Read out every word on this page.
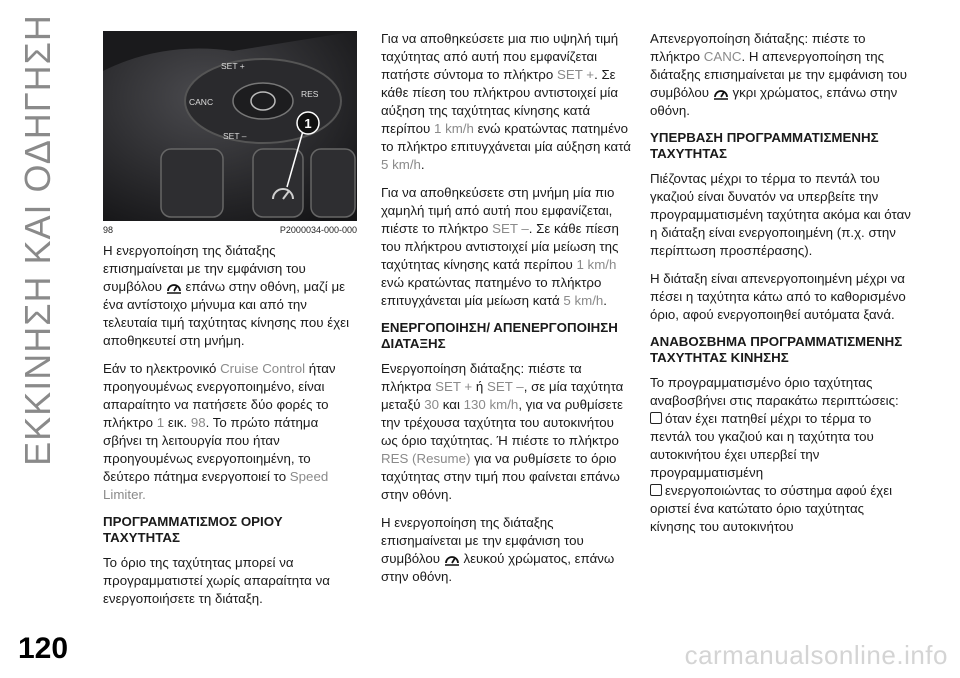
ΕΚΚΙΝΗΣΗ ΚΑΙ ΟΔΗΓΗΣΗ	SET +
CANC
RES
SET –
1
98	P2000034-000-000

Η ενεργοποίηση της διάταξης επισημαίνεται με την εμφάνιση του συμβόλου επάνω στην οθόνη, μαζί με ένα αντίστοιχο μήνυμα και από την τελευταία τιμή ταχύτητας κίνησης που έχει αποθηκευτεί στη μνήμη.

Εάν το ηλεκτρονικό Cruise Control ήταν προηγουμένως ενεργοποιημένο, είναι απαραίτητο να πατήσετε δύο φορές το πλήκτρο 1 εικ. 98. Το πρώτο πάτημα σβήνει τη λειτουργία που ήταν προηγουμένως ενεργοποιημένη, το δεύτερο πάτημα ενεργοποιεί το Speed Limiter.

ΠΡΟΓΡΑΜΜΑΤΙΣΜΟΣ ΟΡΙΟΥ ΤΑΧΥΤΗΤΑΣ

Το όριο της ταχύτητας μπορεί να προγραμματιστεί χωρίς απαραίτητα να ενεργοποιήσετε τη διάταξη.

Για να αποθηκεύσετε μια πιο υψηλή τιμή ταχύτητας από αυτή που εμφανίζεται πατήστε σύντομα το πλήκτρο SET +. Σε κάθε πίεση του πλήκτρου αντιστοιχεί μία αύξηση της ταχύτητας κίνησης κατά περίπου 1 km/h ενώ κρατώντας πατημένο το πλήκτρο επιτυγχάνεται μία αύξηση κατά 5 km/h.

Για να αποθηκεύσετε στη μνήμη μία πιο χαμηλή τιμή από αυτή που εμφανίζεται, πιέστε το πλήκτρο SET –. Σε κάθε πίεση του πλήκτρου αντιστοιχεί μία μείωση της ταχύτητας κίνησης κατά περίπου 1 km/h ενώ κρατώντας πατημένο το πλήκτρο επιτυγχάνεται μία μείωση κατά 5 km/h.

ΕΝΕΡΓΟΠΟΙΗΣΗ/ ΑΠΕΝΕΡΓΟΠΟΙΗΣΗ ΔΙΑΤΑΞΗΣ

Ενεργοποίηση διάταξης: πιέστε τα πλήκτρα SET + ή SET –, σε μία ταχύτητα μεταξύ 30 και 130 km/h, για να ρυθμίσετε την τρέχουσα ταχύτητα του αυτοκινήτου ως όριο ταχύτητας. Ή πιέστε το πλήκτρο RES (Resume) για να ρυθμίσετε το όριο ταχύτητας στην τιμή που φαίνεται επάνω στην οθόνη.

Η ενεργοποίηση της διάταξης επισημαίνεται με την εμφάνιση του συμβόλου λευκού χρώματος, επάνω στην οθόνη.

Απενεργοποίηση διάταξης: πιέστε το πλήκτρο CANC. Η απενεργοποίηση της διάταξης επισημαίνεται με την εμφάνιση του συμβόλου γκρι χρώματος, επάνω στην οθόνη.

ΥΠΕΡΒΑΣΗ ΠΡΟΓΡΑΜΜΑΤΙΣΜΕΝΗΣ ΤΑΧΥΤΗΤΑΣ

Πιέζοντας μέχρι το τέρμα το πεντάλ του γκαζιού είναι δυνατόν να υπερβείτε την προγραμματισμένη ταχύτητα ακόμα και όταν η διάταξη είναι ενεργοποιημένη (π.χ. στην περίπτωση προσπέρασης).

Η διάταξη είναι απενεργοποιημένη μέχρι να πέσει η ταχύτητα κάτω από το καθορισμένο όριο, αφού ενεργοποιηθεί αυτόματα ξανά.

ΑΝΑΒΟΣΒΗΜΑ ΠΡΟΓΡΑΜΜΑΤΙΣΜΕΝΗΣ ΤΑΧΥΤΗΤΑΣ ΚΙΝΗΣΗΣ

Το προγραμματισμένο όριο ταχύτητας αναβοσβήνει στις παρακάτω περιπτώσεις:

όταν έχει πατηθεί μέχρι το τέρμα το πεντάλ του γκαζιού και η ταχύτητα του αυτοκινήτου έχει υπερβεί την προγραμματισμένη
ενεργοποιώντας το σύστημα αφού έχει οριστεί ένα κατώτατο όριο ταχύτητας κίνησης του αυτοκινήτου
120	carmanualsonline.info
